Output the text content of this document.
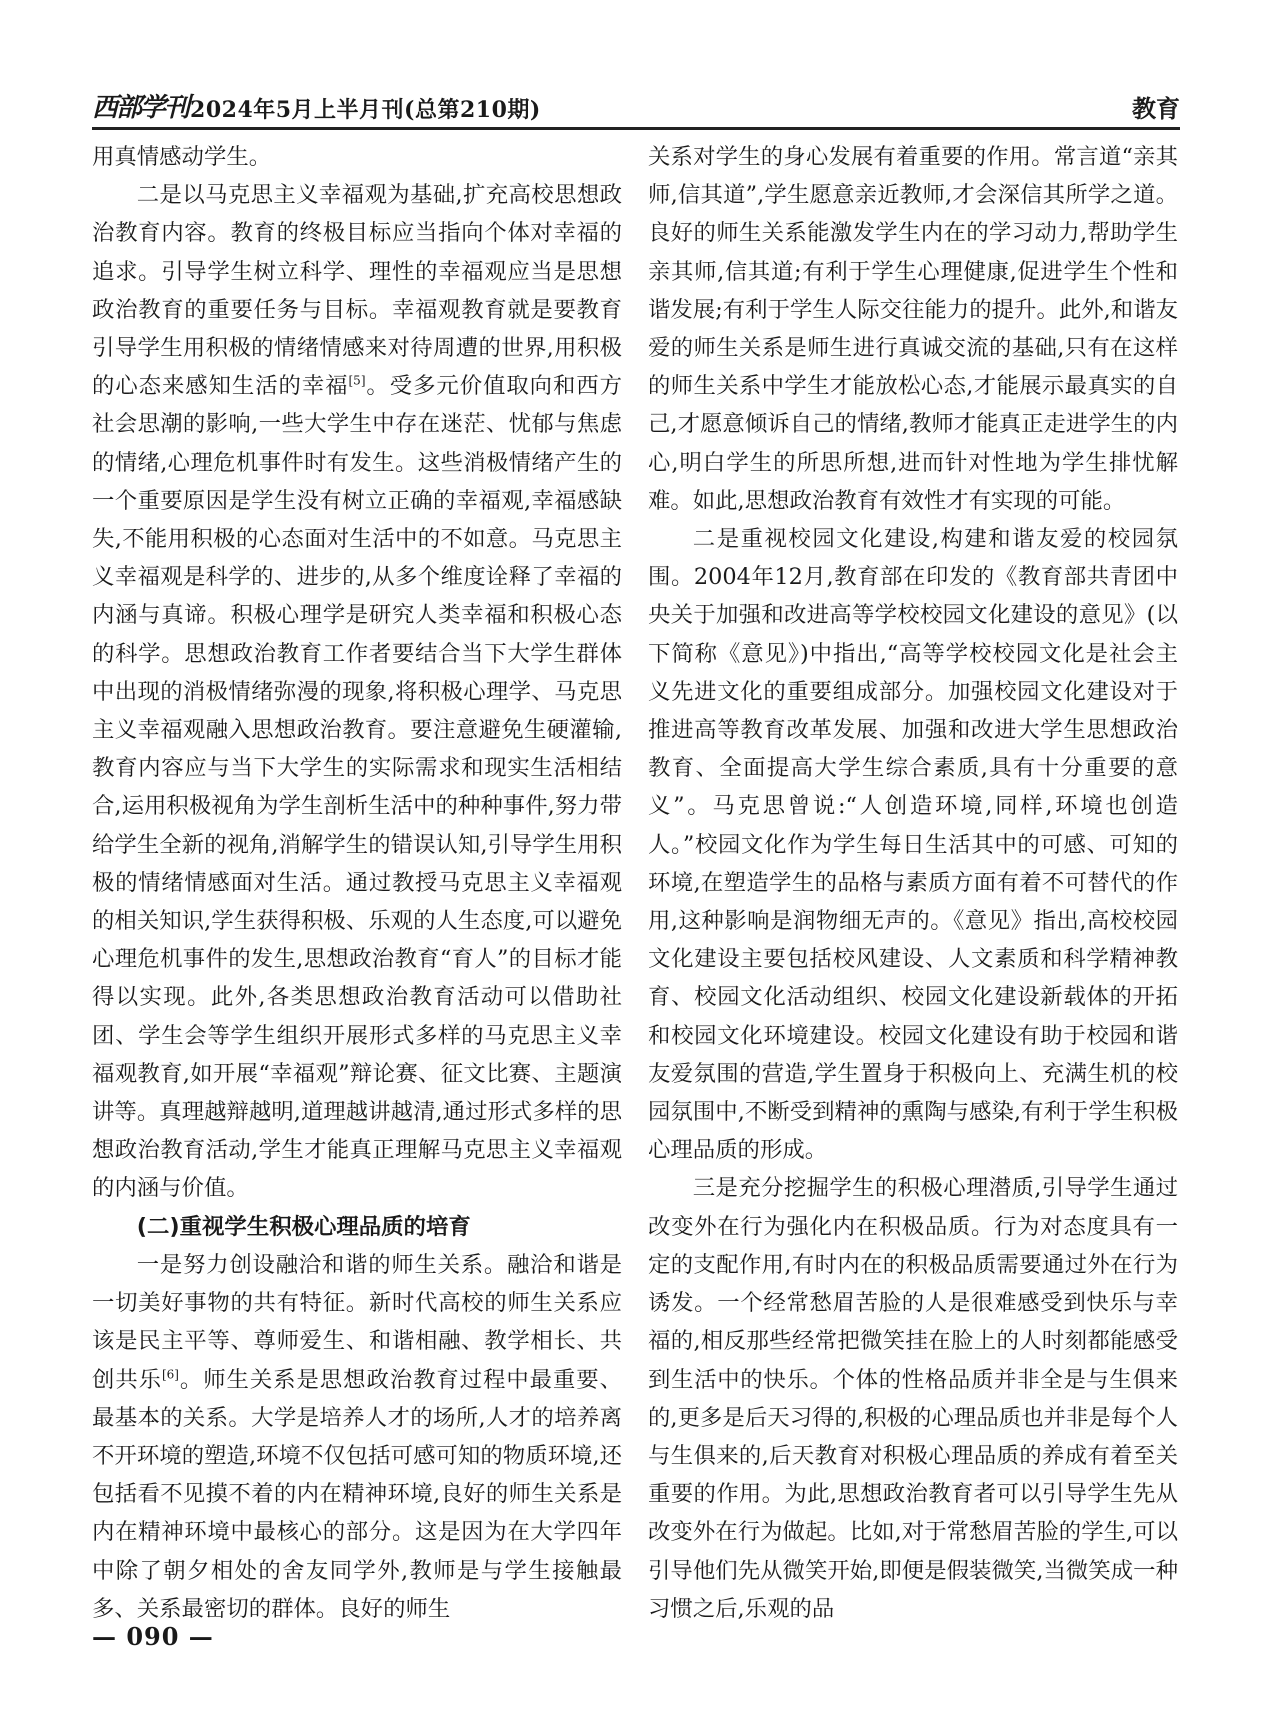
西部学刊 2024年5月上半月刊(总第210期)	教育

用真情感动学生。

二是以马克思主义幸福观为基础,扩充高校思想政治教育内容。教育的终极目标应当指向个体对幸福的追求。引导学生树立科学、理性的幸福观应当是思想政治教育的重要任务与目标。幸福观教育就是要教育引导学生用积极的情绪情感来对待周遭的世界,用积极的心态来感知生活的幸福[5]。受多元价值取向和西方社会思潮的影响,一些大学生中存在迷茫、忧郁与焦虑的情绪,心理危机事件时有发生。这些消极情绪产生的一个重要原因是学生没有树立正确的幸福观,幸福感缺失,不能用积极的心态面对生活中的不如意。马克思主义幸福观是科学的、进步的,从多个维度诠释了幸福的内涵与真谛。积极心理学是研究人类幸福和积极心态的科学。思想政治教育工作者要结合当下大学生群体中出现的消极情绪弥漫的现象,将积极心理学、马克思主义幸福观融入思想政治教育。要注意避免生硬灌输,教育内容应与当下大学生的实际需求和现实生活相结合,运用积极视角为学生剖析生活中的种种事件,努力带给学生全新的视角,消解学生的错误认知,引导学生用积极的情绪情感面对生活。通过教授马克思主义幸福观的相关知识,学生获得积极、乐观的人生态度,可以避免心理危机事件的发生,思想政治教育“育人”的目标才能得以实现。此外,各类思想政治教育活动可以借助社团、学生会等学生组织开展形式多样的马克思主义幸福观教育,如开展“幸福观”辩论赛、征文比赛、主题演讲等。真理越辩越明,道理越讲越清,通过形式多样的思想政治教育活动,学生才能真正理解马克思主义幸福观的内涵与价值。

(二)重视学生积极心理品质的培育

一是努力创设融洽和谐的师生关系。融洽和谐是一切美好事物的共有特征。新时代高校的师生关系应该是民主平等、尊师爱生、和谐相融、教学相长、共创共乐[6]。师生关系是思想政治教育过程中最重要、最基本的关系。大学是培养人才的场所,人才的培养离不开环境的塑造,环境不仅包括可感可知的物质环境,还包括看不见摸不着的内在精神环境,良好的师生关系是内在精神环境中最核心的部分。这是因为在大学四年中除了朝夕相处的舍友同学外,教师是与学生接触最多、关系最密切的群体。良好的师生

关系对学生的身心发展有着重要的作用。常言道“亲其师,信其道”,学生愿意亲近教师,才会深信其所学之道。良好的师生关系能激发学生内在的学习动力,帮助学生亲其师,信其道;有利于学生心理健康,促进学生个性和谐发展;有利于学生人际交往能力的提升。此外,和谐友爱的师生关系是师生进行真诚交流的基础,只有在这样的师生关系中学生才能放松心态,才能展示最真实的自己,才愿意倾诉自己的情绪,教师才能真正走进学生的内心,明白学生的所思所想,进而针对性地为学生排忧解难。如此,思想政治教育有效性才有实现的可能。

二是重视校园文化建设,构建和谐友爱的校园氛围。2004年12月,教育部在印发的《教育部共青团中央关于加强和改进高等学校校园文化建设的意见》(以下简称《意见》)中指出,“高等学校校园文化是社会主义先进文化的重要组成部分。加强校园文化建设对于推进高等教育改革发展、加强和改进大学生思想政治教育、全面提高大学生综合素质,具有十分重要的意义”。马克思曾说:“人创造环境,同样,环境也创造人。”校园文化作为学生每日生活其中的可感、可知的环境,在塑造学生的品格与素质方面有着不可替代的作用,这种影响是润物细无声的。《意见》指出,高校校园文化建设主要包括校风建设、人文素质和科学精神教育、校园文化活动组织、校园文化建设新载体的开拓和校园文化环境建设。校园文化建设有助于校园和谐友爱氛围的营造,学生置身于积极向上、充满生机的校园氛围中,不断受到精神的熏陶与感染,有利于学生积极心理品质的形成。

三是充分挖掘学生的积极心理潜质,引导学生通过改变外在行为强化内在积极品质。行为对态度具有一定的支配作用,有时内在的积极品质需要通过外在行为诱发。一个经常愁眉苦脸的人是很难感受到快乐与幸福的,相反那些经常把微笑挂在脸上的人时刻都能感受到生活中的快乐。个体的性格品质并非全是与生俱来的,更多是后天习得的,积极的心理品质也并非是每个人与生俱来的,后天教育对积极心理品质的养成有着至关重要的作用。为此,思想政治教育者可以引导学生先从改变外在行为做起。比如,对于常愁眉苦脸的学生,可以引导他们先从微笑开始,即便是假装微笑,当微笑成一种习惯之后,乐观的品

— 090 —
